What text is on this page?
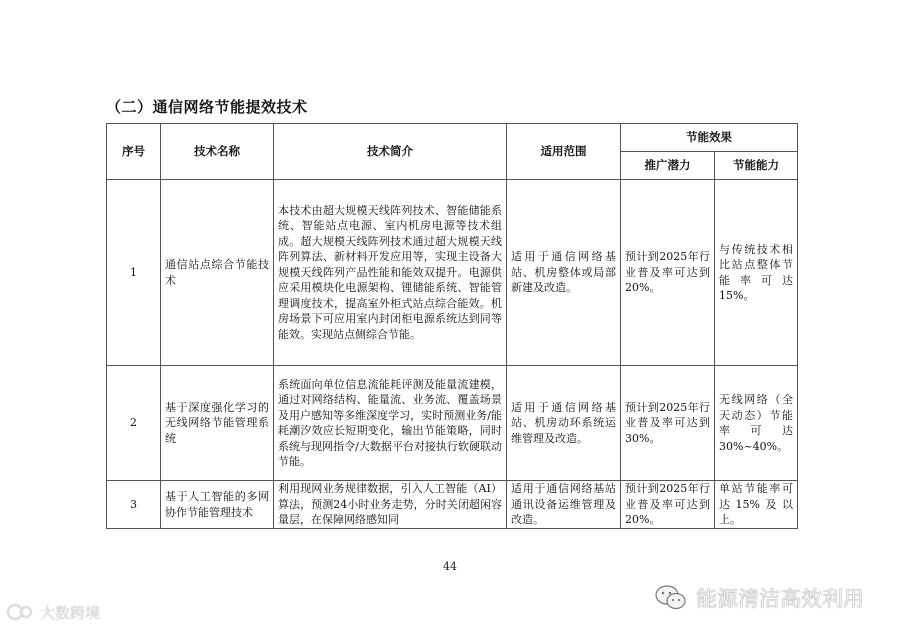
（二）通信网络节能提效技术
序号	技术名称	技术简介	适用范围	节能效果	
				推广潜力	节能能力
1	通信站点综合节能技术	本技术由超大规模天线阵列技术、智能储能系统、智能站点电源、室内机房电源等技术组成。超大规模天线阵列技术通过超大规模天线阵列算法、新材料开发应用等，实现主设备大规模天线阵列产品性能和能效双提升。电源供应采用模块化电源架构、锂储能系统、智能管理调度技术，提高室外柜式站点综合能效。机房场景下可应用室内封闭柜电源系统达到同等能效。实现站点侧综合节能。	适用于通信网络基站、机房整体或局部新建及改造。	预计到2025年行业普及率可达到20%。	与传统技术相比站点整体节能率可达15%。
2	基于深度强化学习的无线网络节能管理系统	系统面向单位信息流能耗评测及能量流建模，通过对网络结构、能量流、业务流、覆盖场景及用户感知等多维深度学习，实时预测业务/能耗潮汐效应长短期变化，输出节能策略，同时系统与现网指令/大数据平台对接执行软硬联动节能。	适用于通信网络基站、机房动环系统运维管理及改造。	预计到2025年行业普及率可达到30%。	无线网络（全天动态）节能率可达30%~40%。
3	基于人工智能的多网协作节能管理技术	利用现网业务规律数据，引入人工智能（AI）算法，预测24小时业务走势，分时关闭超闲容量层，在保障网络感知同	适用于通信网络基站通讯设备运维管理及改造。	预计到2025年行业普及率可达到20%。	单站节能率可达15%及以上。
44
大数跨境
能源清洁高效利用
